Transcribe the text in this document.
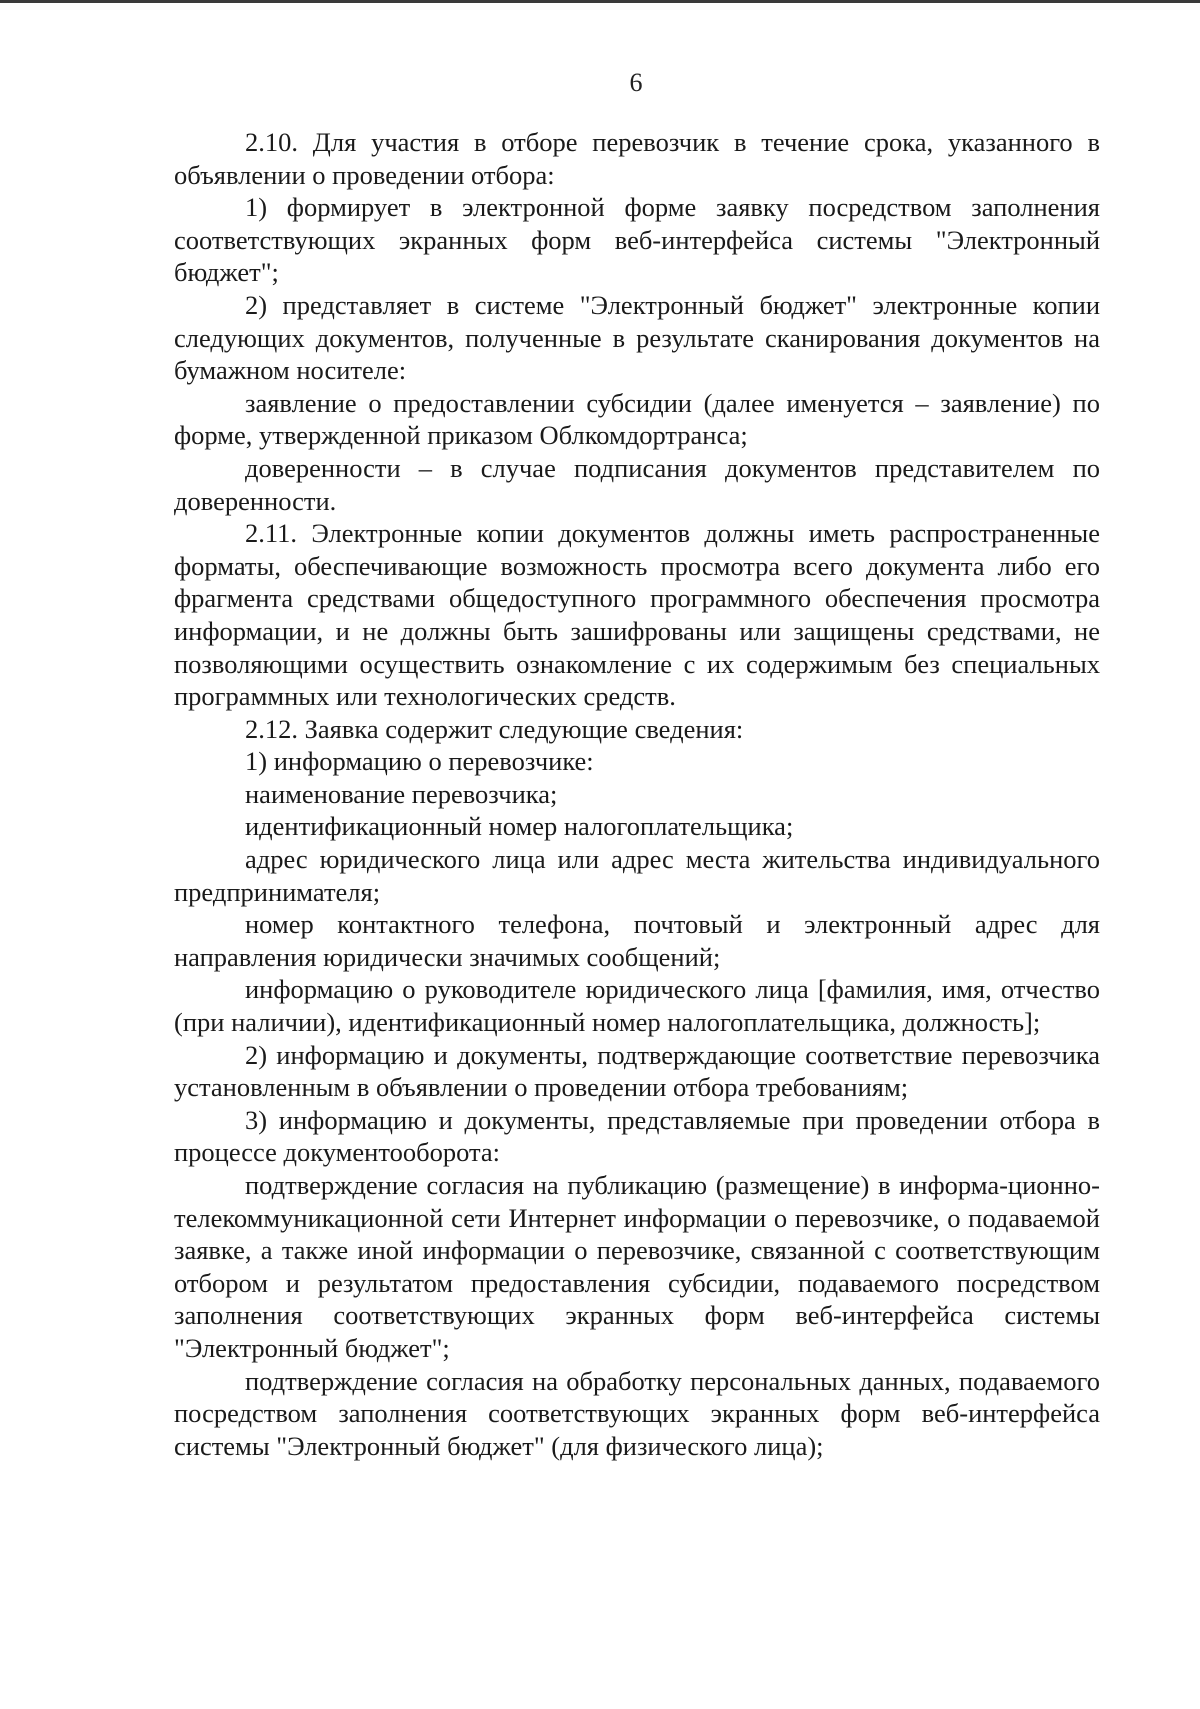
6

2.10. Для участия в отборе перевозчик в течение срока, указанного в объявлении о проведении отбора:

1) формирует в электронной форме заявку посредством заполнения соответствующих экранных форм веб-интерфейса системы "Электронный бюджет";

2) представляет в системе "Электронный бюджет" электронные копии следующих документов, полученные в результате сканирования документов на бумажном носителе:

заявление о предоставлении субсидии (далее именуется – заявление) по форме, утвержденной приказом Облкомдортранса;

доверенности – в случае подписания документов представителем по доверенности.

2.11. Электронные копии документов должны иметь распространенные форматы, обеспечивающие возможность просмотра всего документа либо его фрагмента средствами общедоступного программного обеспечения просмотра информации, и не должны быть зашифрованы или защищены средствами, не позволяющими осуществить ознакомление с их содержимым без специальных программных или технологических средств.

2.12. Заявка содержит следующие сведения:

1) информацию о перевозчике:

наименование перевозчика;

идентификационный номер налогоплательщика;

адрес юридического лица или адрес места жительства индивидуального предпринимателя;

номер контактного телефона, почтовый и электронный адрес для направления юридически значимых сообщений;

информацию о руководителе юридического лица [фамилия, имя, отчество (при наличии), идентификационный номер налогоплательщика, должность];

2) информацию и документы, подтверждающие соответствие перевозчика установленным в объявлении о проведении отбора требованиям;

3) информацию и документы, представляемые при проведении отбора в процессе документооборота:

подтверждение согласия на публикацию (размещение) в информа-ционно-телекоммуникационной сети Интернет информации о перевозчике, о подаваемой заявке, а также иной информации о перевозчике, связанной с соответствующим отбором и результатом предоставления субсидии, подаваемого посредством заполнения соответствующих экранных форм веб-интерфейса системы "Электронный бюджет";

подтверждение согласия на обработку персональных данных, подаваемого посредством заполнения соответствующих экранных форм веб-интерфейса системы "Электронный бюджет" (для физического лица);
